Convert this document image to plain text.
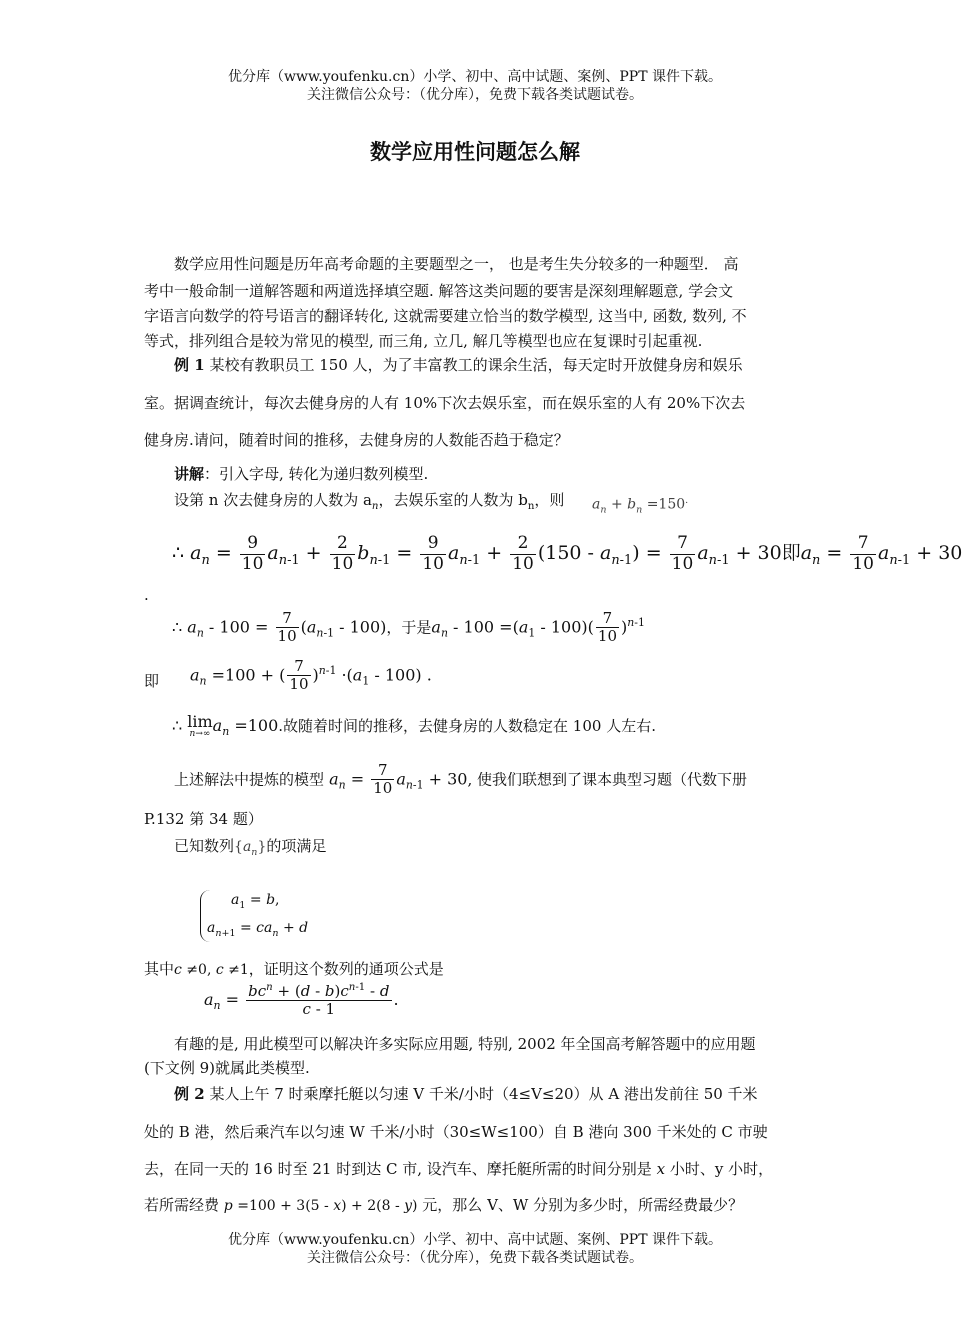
优分库（www.youfenku.cn）小学、初中、高中试题、案例、PPT 课件下载。
关注微信公众号：（优分库），免费下载各类试题试卷。
数学应用性问题怎么解
数学应用性问题是历年高考命题的主要题型之一， 也是考生失分较多的一种题型． 高
考中一般命制一道解答题和两道选择填空题. 解答这类问题的要害是深刻理解题意, 学会文
字语言向数学的符号语言的翻译转化, 这就需要建立恰当的数学模型, 这当中, 函数, 数列, 不
等式，排列组合是较为常见的模型, 而三角, 立几, 解几等模型也应在复课时引起重视.
例 1 某校有教职员工 150 人，为了丰富教工的课余生活，每天定时开放健身房和娱乐
室。据调查统计，每次去健身房的人有 10%下次去娱乐室，而在娱乐室的人有 20%下次去
健身房.请问，随着时间的推移，去健身房的人数能否趋于稳定？
讲解：引入字母, 转化为递归数列模型.
设第 n 次去健身房的人数为 $a_n$，去娱乐室的人数为 $b_n$，则	$a_n + b_n =150^.$
∴ $a_n = \frac{9}{10} a_{n-1} + \frac{2}{10} b_{n-1} = \frac{9}{10} a_{n-1} + \frac{2}{10} (150 - a_{n-1}) = \frac{7}{10} a_{n-1} + 30$即$a_n = \frac{7}{10} a_{n-1} + 30$
.
∴ $a_n - 100 = \frac{7}{10} (a_{n-1} - 100)$，于是$a_n - 100 =(a_1 - 100)( \frac{7}{10} )^{n-1}$
即	$a_n =100$ + ( $\frac{7}{10} )^{n-1} \cdot(a_1 - 100)$ .
∴ lim
n→∞ $a_n =100$.故随着时间的推移，去健身房的人数稳定在 100 人左右.
上述解法中提炼的模型 $a_n = \frac{7}{10} a_{n-1} + 30$, 使我们联想到了课本典型习题（代数下册
P.132 第 34 题）
已知数列$\{a_n\}$的项满足
$a_1 = b$,
$a_{n+1} = ca_n + d$
其中c ≠0, c ≠1，证明这个数列的通项公式是
$a_n = \frac{bc^n + (d - b)c^{n-1} - d}{c - 1}$ .
有趣的是, 用此模型可以解决许多实际应用题, 特别, 2002 年全国高考解答题中的应用题
(下文例 9)就属此类模型.
例 2 某人上午 7 时乘摩托艇以匀速 V 千米/小时（4≤V≤20）从 A 港出发前往 50 千米
处的 B 港，然后乘汽车以匀速 W 千米/小时（30≤W≤100）自 B 港向 300 千米处的 C 市驶
去，在同一天的 16 时至 21 时到达 C 市, 设汽车、摩托艇所需的时间分别是 x 小时、y 小时，
若所需经费 p =100 + 3(5 - x) + 2(8 - y) 元，那么 V、W 分别为多少时，所需经费最少？
优分库（www.youfenku.cn）小学、初中、高中试题、案例、PPT 课件下载。
关注微信公众号：（优分库），免费下载各类试题试卷。
